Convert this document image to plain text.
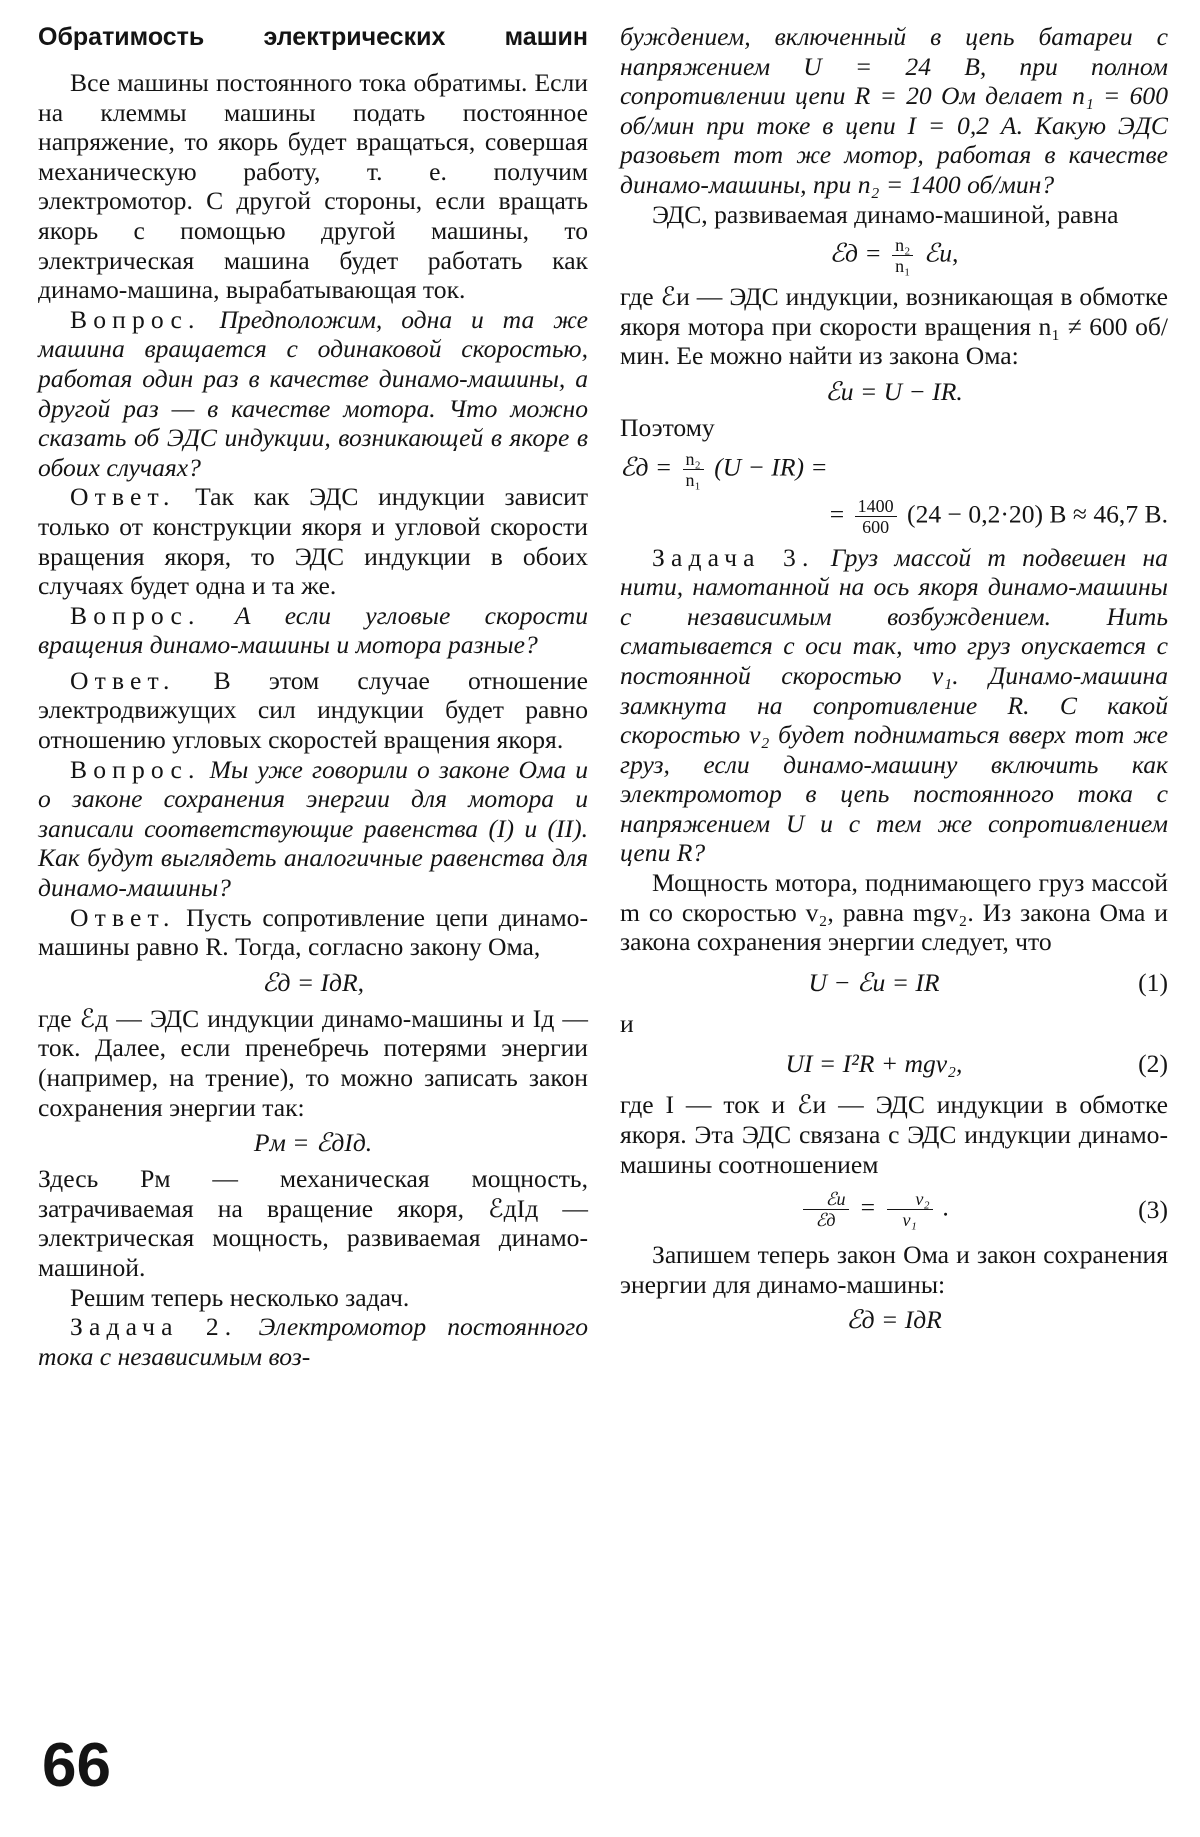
Обратимость электрических машин

Все машины постоянного тока обратимы. Если на клеммы машины подать постоянное напряжение, то якорь будет вращаться, совершая механическую работу, т. е. получим электромотор. С другой стороны, если вращать якорь с помощью другой машины, то электрическая машина будет работать как динамо-машина, вырабатывающая ток.

Вопрос. Предположим, одна и та же машина вращается с одинаковой скоростью, работая один раз в качестве динамо-машины, а другой раз — в качестве мотора. Что можно сказать об ЭДС индукции, возникающей в якоре в обоих случаях?

Ответ. Так как ЭДС индукции зависит только от конструкции якоря и угловой скорости вращения якоря, то ЭДС индукции в обоих случаях будет одна и та же.

Вопрос. А если угловые скорости вращения динамо-машины и мотора разные?

Ответ. В этом случае отношение электродвижущих сил индукции будет равно отношению угловых скоростей вращения якоря.

Вопрос. Мы уже говорили о законе Ома и о законе сохранения энергии для мотора и записали соответствующие равенства (I) и (II). Как будут выглядеть аналогичные равенства для динамо-машины?

Ответ. Пусть сопротивление цепи динамо-машины равно R. Тогда, согласно закону Ома,

ℰд = IдR,

где ℰд — ЭДС индукции динамо-машины и Iд — ток. Далее, если пренебречь потерями энергии (например, на трение), то можно записать закон сохранения энергии так:

Pм = ℰдIд.

Здесь Pм — механическая мощность, затрачиваемая на вращение якоря, ℰдIд — электрическая мощность, развиваемая динамо-машиной.

Решим теперь несколько задач.

Задача 2. Электромотор постоянного тока с независимым воз-

буждением, включенный в цепь батареи с напряжением U = 24 В, при полном сопротивлении цепи R = 20 Ом делает n₁ = 600 об/мин при токе в цепи I = 0,2 А. Какую ЭДС разовьет тот же мотор, работая в качестве динамо-машины, при n₂ = 1400 об/мин?

ЭДС, развиваемая динамо-машиной, равна

ℰд = $\frac{\text{n₂}}{\text{n₁}}$ ℰи,

где ℰи — ЭДС индукции, возникающая в обмотке якоря мотора при скорости вращения n₁ ≠ 600 об/мин. Ее можно найти из закона Ома:

ℰи = U − IR.

Поэтому

ℰд = $\frac{\text{n₂}}{\text{n₁}} (U - IR)$ =
= $\frac{1400}{600} (24 - 0,2\cdot 20) В \approx 46,7$ В.

Задача 3. Груз массой m подвешен на нити, намотанной на ось якоря динамо-машины с независимым возбуждением. Нить сматывается с оси так, что груз опускается с постоянной скоростью v₁. Динамо-машина замкнута на сопротивление R. С какой скоростью v₂ будет подниматься вверх тот же груз, если динамо-машину включить как электромотор в цепь постоянного тока с напряжением U и с тем же сопротивлением цепи R?

Мощность мотора, поднимающего груз массой m со скоростью v₂, равна mgv₂. Из закона Ома и закона сохранения энергии следует, что

U − ℰи = IR	(1)

и

UI = I²R + mgv₂,	(2)

где I — ток и ℰи — ЭДС индукции в обмотке якоря. Эта ЭДС связана с ЭДС индукции динамо-машины соотношением

$\frac{\text{ℰи}}{\text{ℰд}} = \frac{\text{v₂}}{\text{v₁}}$ .	(3)

Запишем теперь закон Ома и закон сохранения энергии для динамо-машины:

ℰд = IдR
66
